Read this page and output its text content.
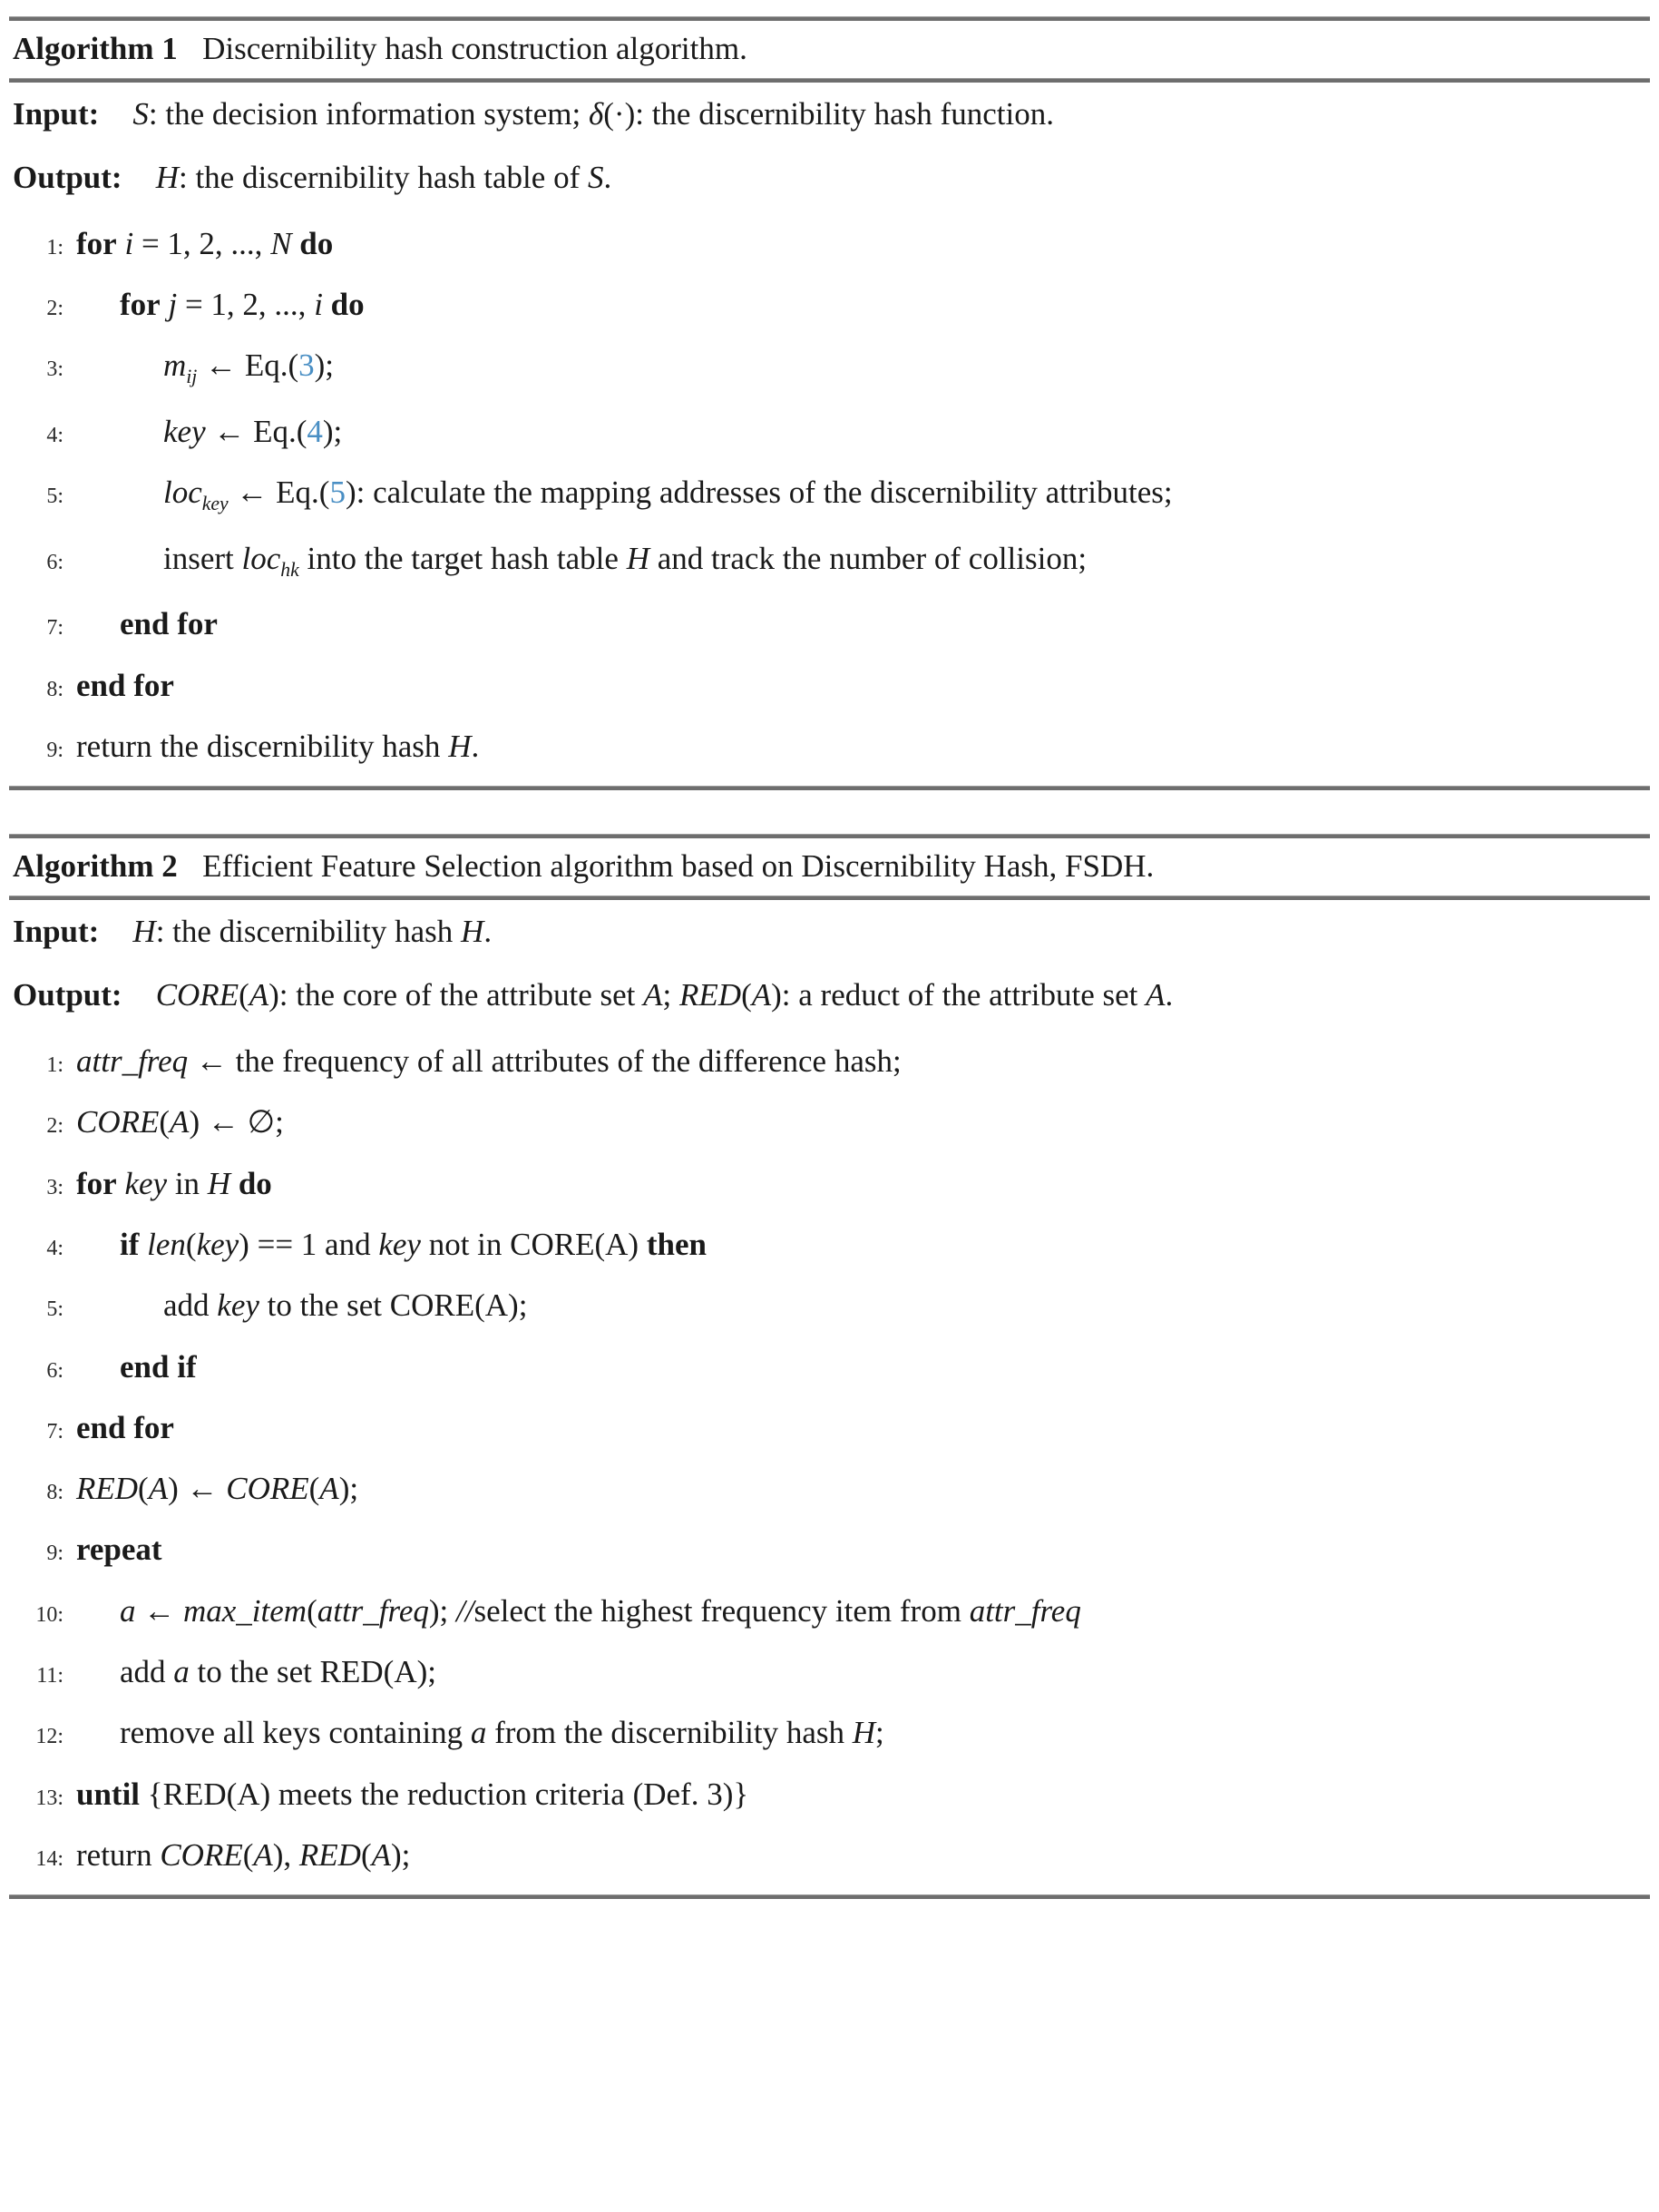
Algorithm 1 Discernibility hash construction algorithm.
Input: S: the decision information system; δ(·): the discernibility hash function.
Output: H: the discernibility hash table of S.
1: for i = 1, 2, ..., N do
2:	for j = 1, 2, ..., i do
3:	$m_{ij}$ ← Eq.(3);
4:	key ← Eq.(4);
5:	loc$_{key}$ ← Eq.(5): calculate the mapping addresses of the discernibility attributes;
6:	insert loc$_{hk}$ into the target hash table H and track the number of collision;
7:	end for
8: end for
9: return the discernibility hash H.
Algorithm 2 Efficient Feature Selection algorithm based on Discernibility Hash, FSDH.
Input: H: the discernibility hash H.
Output: CORE(A): the core of the attribute set A; RED(A): a reduct of the attribute set A.
1: attr_freq ← the frequency of all attributes of the difference hash;
2: CORE(A) ← ∅;
3: for key in H do
4:	if len(key) == 1 and key not in CORE(A) then
5:	add key to the set CORE(A);
6:	end if
7: end for
8: RED(A) ← CORE(A);
9: repeat
10:	a ← max_item(attr_freq); //select the highest frequency item from attr_freq
11:	add a to the set RED(A);
12:	remove all keys containing a from the discernibility hash H;
13: until {RED(A) meets the reduction criteria (Def. 3)}
14: return CORE(A), RED(A);
